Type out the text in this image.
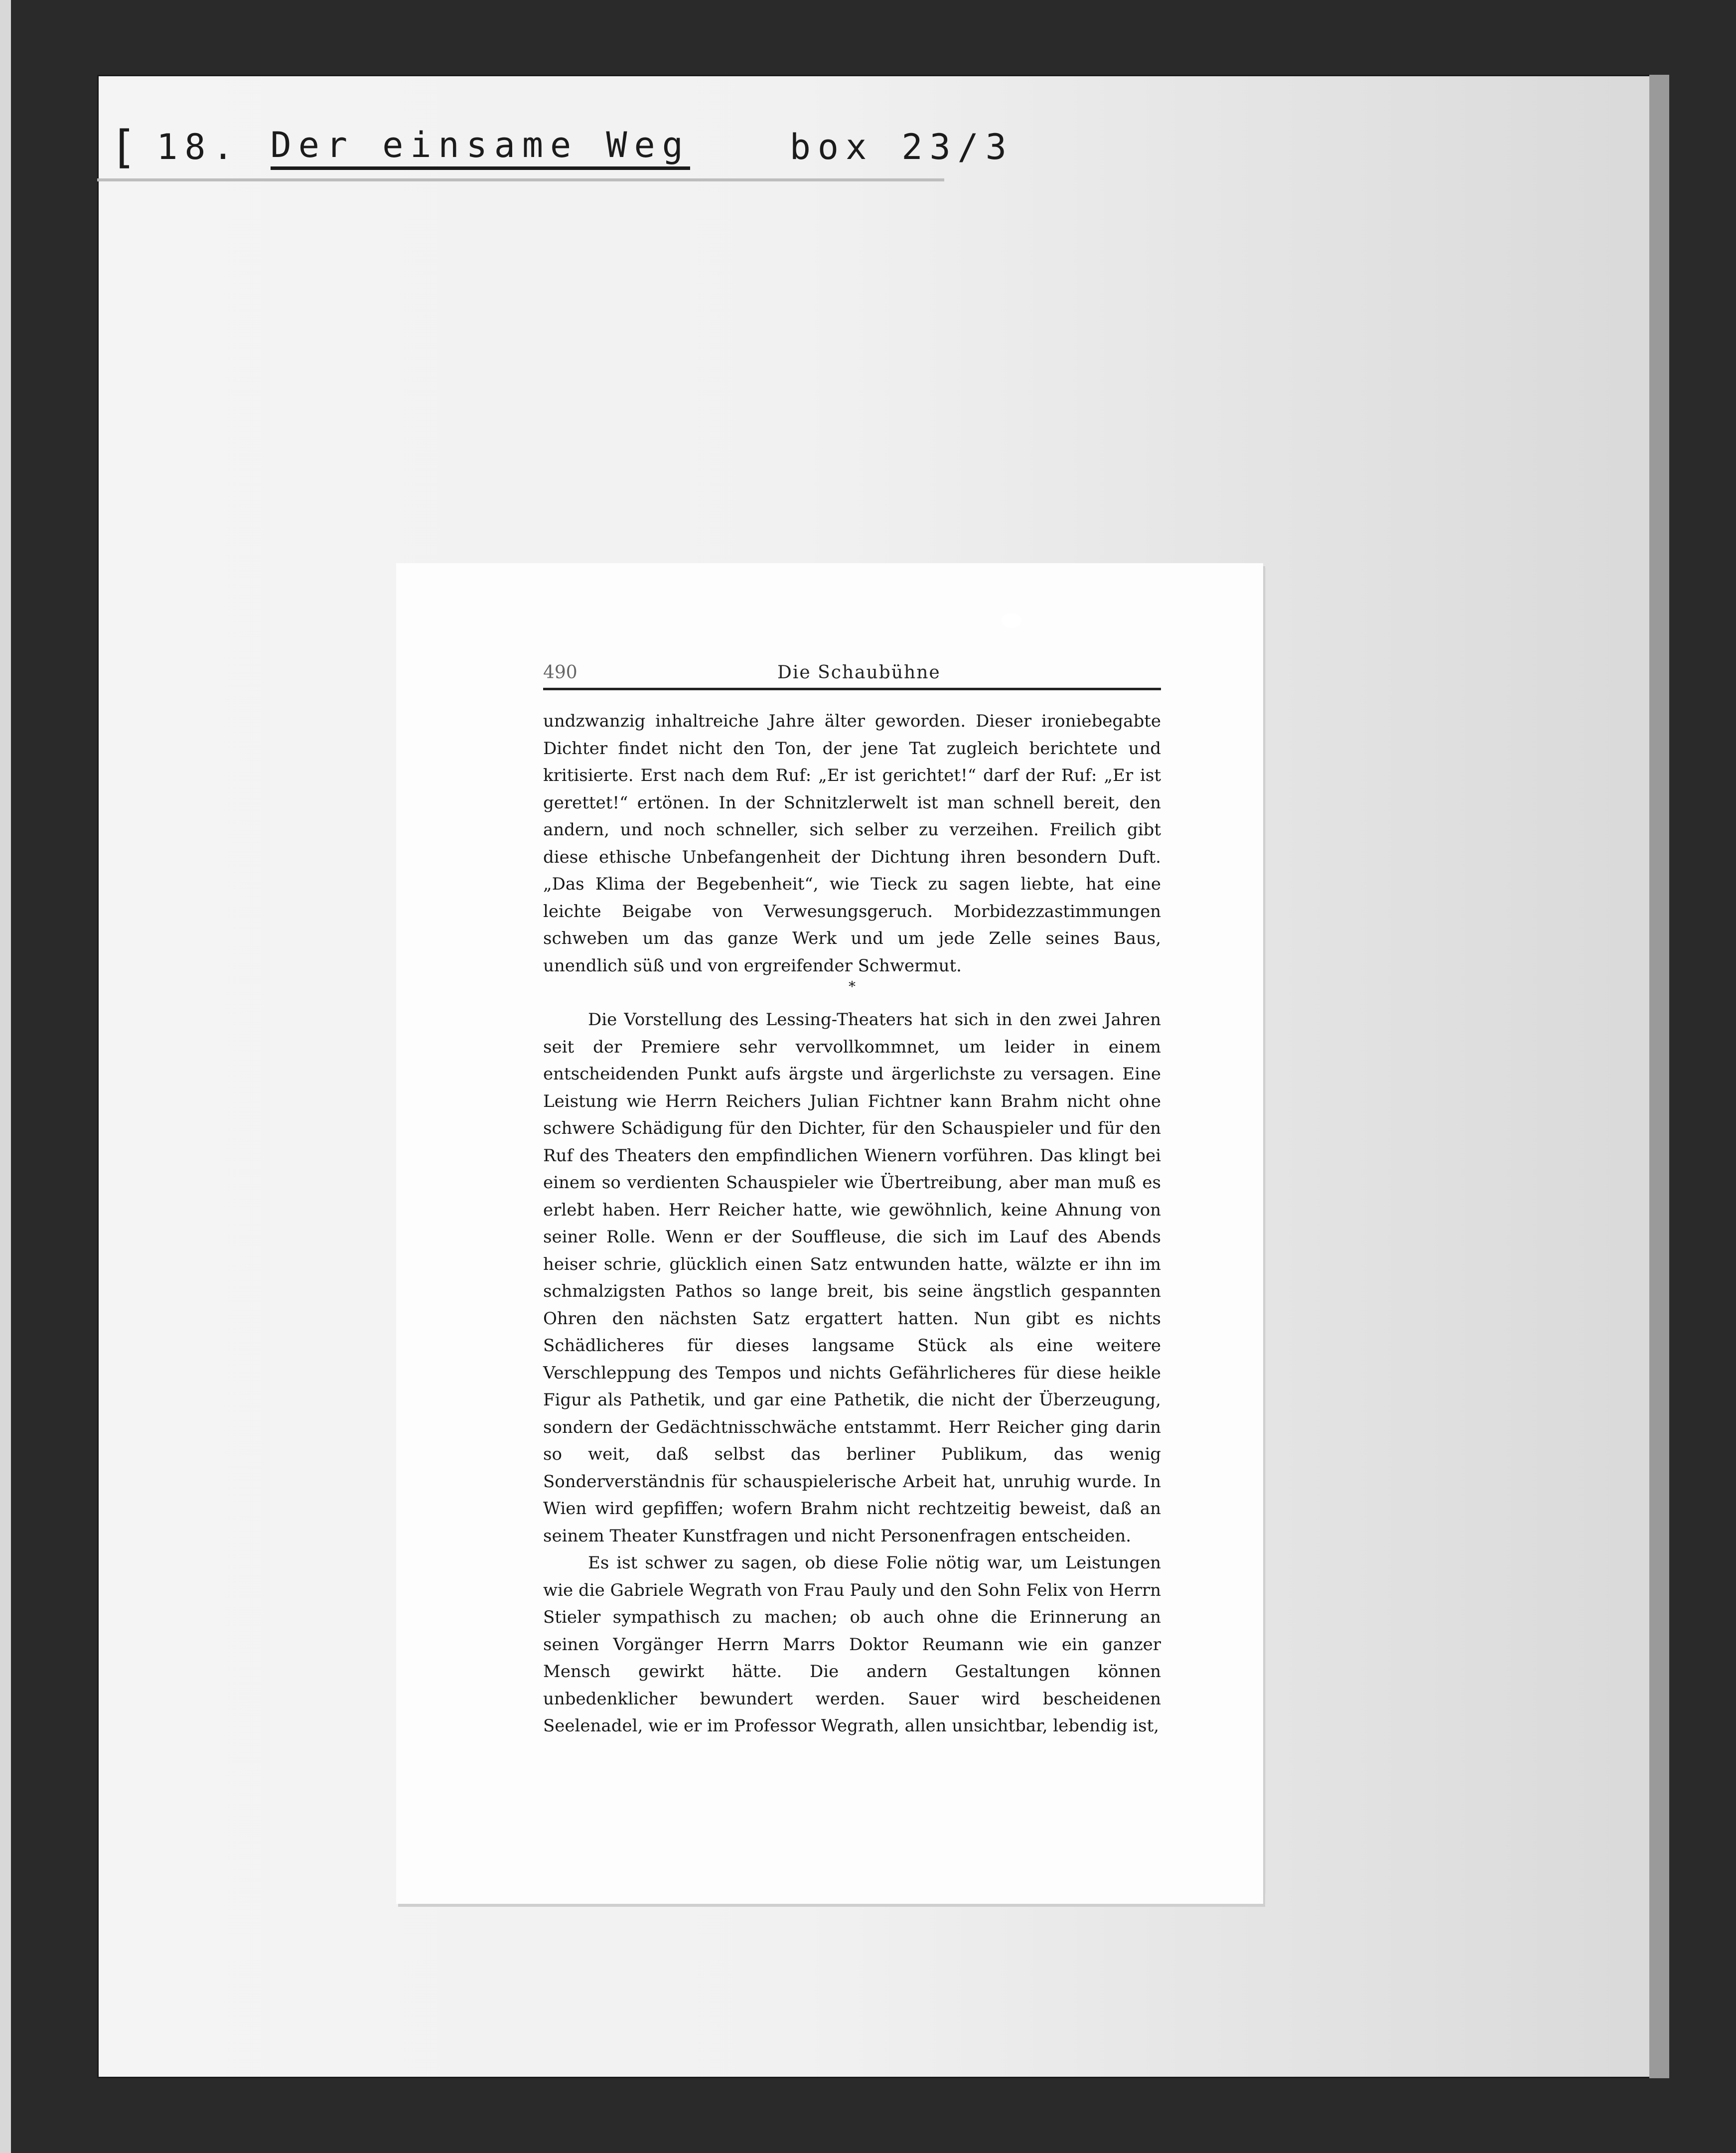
[ 18. Der einsame Weg	box 23/3
490	Die Schaubühne

undzwanzig inhaltreiche Jahre älter geworden. Dieser ironiebegabte Dichter findet nicht den Ton, der jene Tat zugleich berichtete und kritisierte. Erst nach dem Ruf: „Er ist gerichtet!“ darf der Ruf: „Er ist gerettet!“ ertönen. In der Schnitzlerwelt ist man schnell bereit, den andern, und noch schneller, sich selber zu verzeihen. Freilich gibt diese ethische Unbefangenheit der Dichtung ihren besondern Duft. „Das Klima der Begebenheit“, wie Tieck zu sagen liebte, hat eine leichte Beigabe von Verwesungsgeruch. Morbidezzastimmungen schweben um das ganze Werk und um jede Zelle seines Baus, unendlich süß und von ergreifender Schwermut.

*

Die Vorstellung des Lessing-Theaters hat sich in den zwei Jahren seit der Premiere sehr vervollkommnet, um leider in einem entscheidenden Punkt aufs ärgste und ärgerlichste zu versagen. Eine Leistung wie Herrn Reichers Julian Fichtner kann Brahm nicht ohne schwere Schädigung für den Dichter, für den Schauspieler und für den Ruf des Theaters den empfindlichen Wienern vorführen. Das klingt bei einem so verdienten Schauspieler wie Übertreibung, aber man muß es erlebt haben. Herr Reicher hatte, wie gewöhnlich, keine Ahnung von seiner Rolle. Wenn er der Souffleuse, die sich im Lauf des Abends heiser schrie, glücklich einen Satz entwunden hatte, wälzte er ihn im schmalzigsten Pathos so lange breit, bis seine ängstlich gespannten Ohren den nächsten Satz ergattert hatten. Nun gibt es nichts Schädlicheres für dieses langsame Stück als eine weitere Verschleppung des Tempos und nichts Gefährlicheres für diese heikle Figur als Pathetik, und gar eine Pathetik, die nicht der Überzeugung, sondern der Gedächtnisschwäche entstammt. Herr Reicher ging darin so weit, daß selbst das berliner Publikum, das wenig Sonderverständnis für schauspielerische Arbeit hat, unruhig wurde. In Wien wird gepfiffen; wofern Brahm nicht rechtzeitig beweist, daß an seinem Theater Kunstfragen und nicht Personenfragen entscheiden.

Es ist schwer zu sagen, ob diese Folie nötig war, um Leistungen wie die Gabriele Wegrath von Frau Pauly und den Sohn Felix von Herrn Stieler sympathisch zu machen; ob auch ohne die Erinnerung an seinen Vorgänger Herrn Marrs Doktor Reumann wie ein ganzer Mensch gewirkt hätte. Die andern Gestaltungen können unbedenklicher bewundert werden. Sauer wird bescheidenen Seelenadel, wie er im Professor Wegrath, allen unsichtbar, lebendig ist,
